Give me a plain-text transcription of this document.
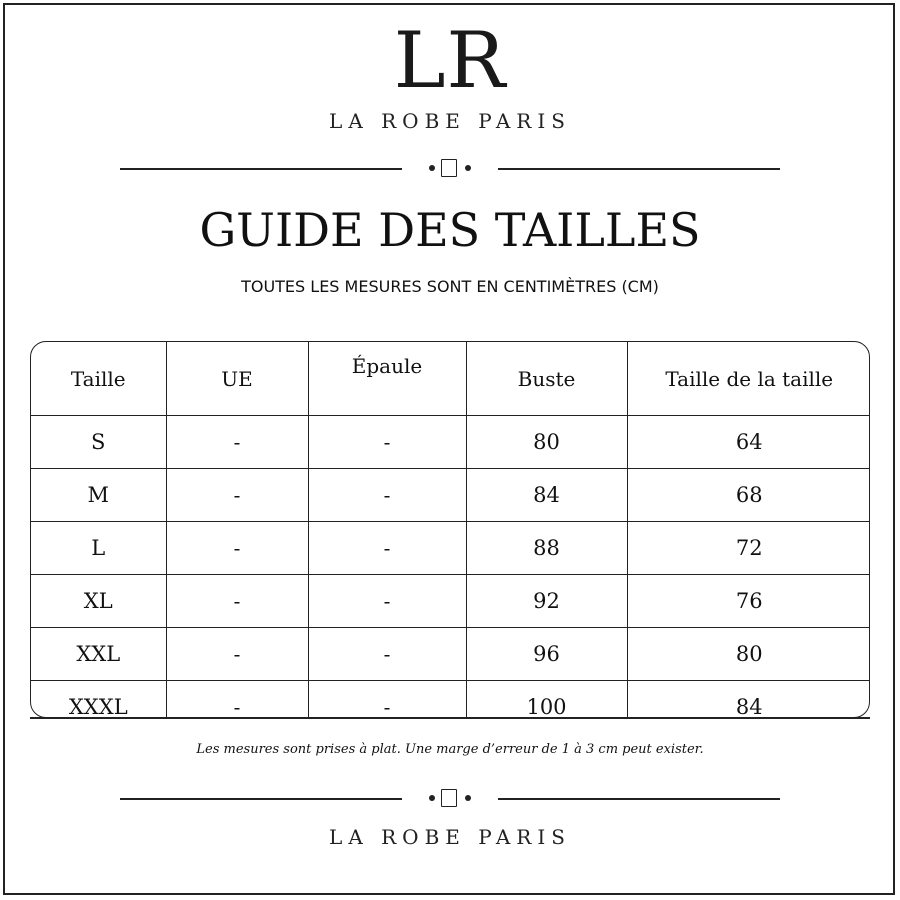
LR
LA ROBE PARIS
GUIDE DES TAILLES
TOUTES LES MESURES SONT EN CENTIMÈTRES (CM)
Taille	UE	Épaule	Buste	Taille de la taille
S	-	-	80	64
M	-	-	84	68
L	-	-	88	72
XL	-	-	92	76
XXL	-	-	96	80
XXXL	-	-	100	84
Les mesures sont prises à plat. Une marge d’erreur de 1 à 3 cm peut exister.
LA ROBE PARIS
